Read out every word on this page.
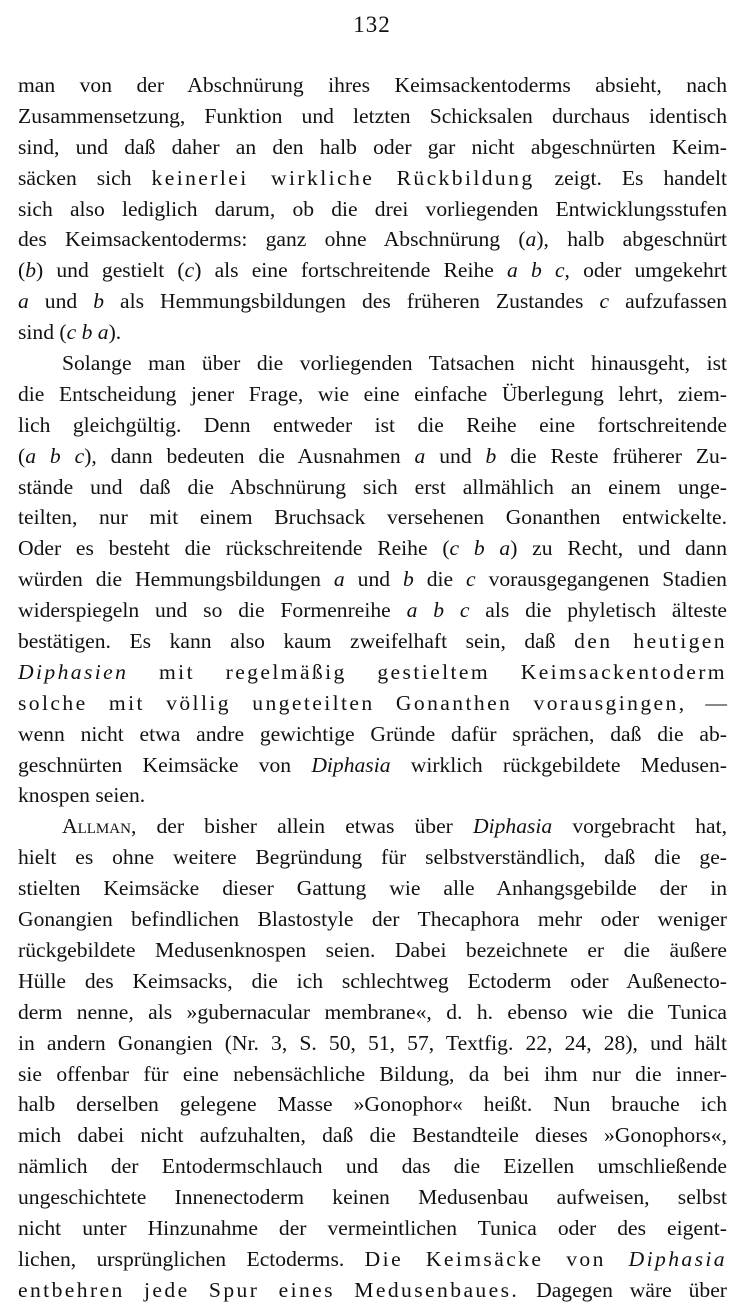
132
man von der Abschnürung ihres Keimsackentoderms absieht, nach
Zusammensetzung, Funktion und letzten Schicksalen durchaus identisch
sind, und daß daher an den halb oder gar nicht abgeschnürten Keim-
säcken sich keinerlei wirkliche Rückbildung zeigt. Es handelt
sich also lediglich darum, ob die drei vorliegenden Entwicklungsstufen
des Keimsackentoderms: ganz ohne Abschnürung (a), halb abgeschnürt
(b) und gestielt (c) als eine fortschreitende Reihe a b c, oder umgekehrt
a und b als Hemmungsbildungen des früheren Zustandes c aufzufassen
sind (c b a).
Solange man über die vorliegenden Tatsachen nicht hinausgeht, ist
die Entscheidung jener Frage, wie eine einfache Überlegung lehrt, ziem-
lich gleichgültig. Denn entweder ist die Reihe eine fortschreitende
(a b c), dann bedeuten die Ausnahmen a und b die Reste früherer Zu-
stände und daß die Abschnürung sich erst allmählich an einem unge-
teilten, nur mit einem Bruchsack versehenen Gonanthen entwickelte.
Oder es besteht die rückschreitende Reihe (c b a) zu Recht, und dann
würden die Hemmungsbildungen a und b die c vorausgegangenen Stadien
widerspiegeln und so die Formenreihe a b c als die phyletisch älteste
bestätigen. Es kann also kaum zweifelhaft sein, daß den heutigen
Diphasien mit regelmäßig gestieltem Keimsackentoderm
solche mit völlig ungeteilten Gonanthen vorausgingen, —
wenn nicht etwa andre gewichtige Gründe dafür sprächen, daß die ab-
geschnürten Keimsäcke von Diphasia wirklich rückgebildete Medusen-
knospen seien.
Allman, der bisher allein etwas über Diphasia vorgebracht hat,
hielt es ohne weitere Begründung für selbstverständlich, daß die ge-
stielten Keimsäcke dieser Gattung wie alle Anhangsgebilde der in
Gonangien befindlichen Blastostyle der Thecaphora mehr oder weniger
rückgebildete Medusenknospen seien. Dabei bezeichnete er die äußere
Hülle des Keimsacks, die ich schlechtweg Ectoderm oder Außenecto-
derm nenne, als »gubernacular membrane«, d. h. ebenso wie die Tunica
in andern Gonangien (Nr. 3, S. 50, 51, 57, Textfig. 22, 24, 28), und hält
sie offenbar für eine nebensächliche Bildung, da bei ihm nur die inner-
halb derselben gelegene Masse »Gonophor« heißt. Nun brauche ich
mich dabei nicht aufzuhalten, daß die Bestandteile dieses »Gonophors«,
nämlich der Entodermschlauch und das die Eizellen umschließende
ungeschichtete Innenectoderm keinen Medusenbau aufweisen, selbst
nicht unter Hinzunahme der vermeintlichen Tunica oder des eigent-
lichen, ursprünglichen Ectoderms. Die Keimsäcke von Diphasia
entbehren jede Spur eines Medusenbaues. Dagegen wäre über
